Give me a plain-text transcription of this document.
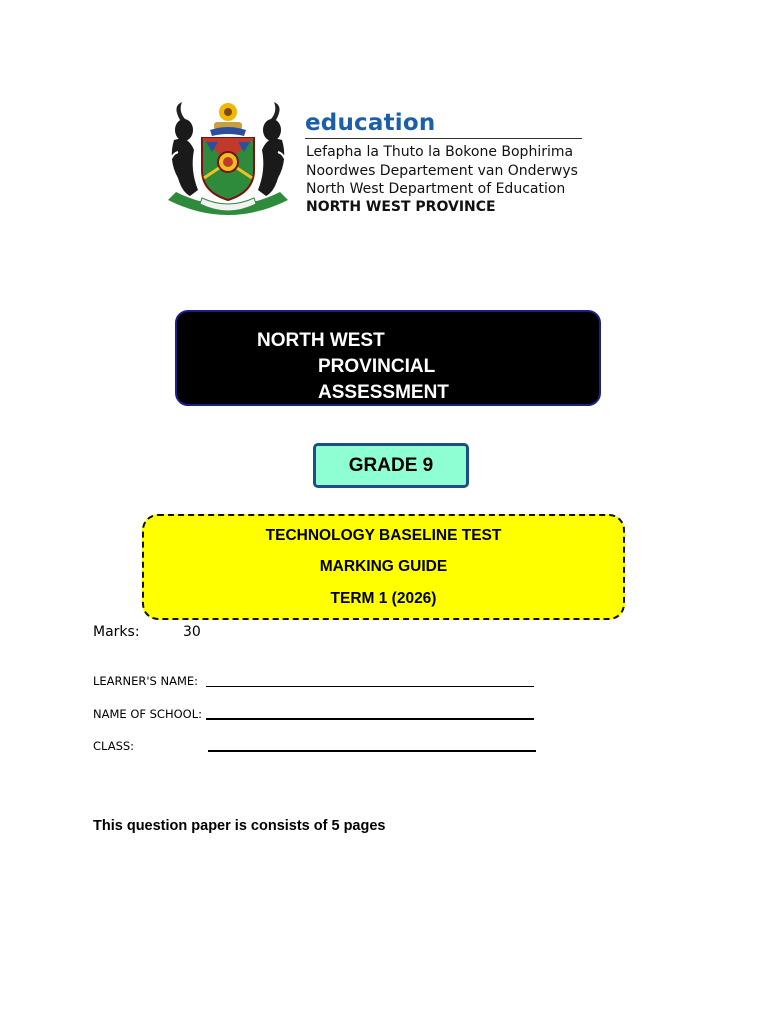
education
Lefapha la Thuto la Bokone Bophirima
Noordwes Departement van Onderwys
North West Department of Education
NORTH WEST PROVINCE
NORTH WEST
PROVINCIAL
ASSESSMENT
GRADE 9
TECHNOLOGY BASELINE TEST
MARKING GUIDE
TERM 1 (2026)
Marks:	30
LEARNER'S NAME:
NAME OF SCHOOL:
CLASS:
This question paper is consists of 5 pages
